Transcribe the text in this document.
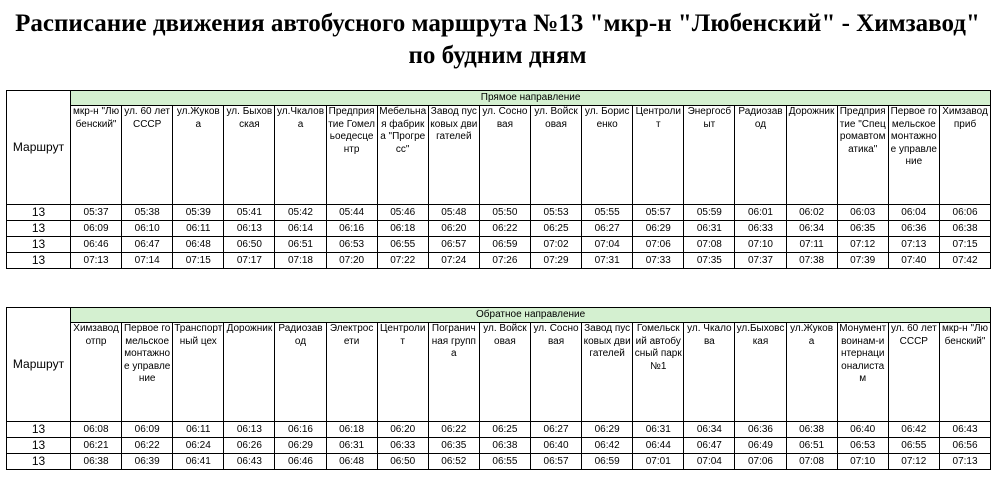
Расписание движения автобусного маршрута №13 "мкр-н "Любенский" - Химзавод" по будним дням
Маршрут	Прямое направление																	
	мкр-н "Любенский"	ул. 60 лет СССР	ул.Жукова	ул. Быховская	ул.Чкалова	Предприятие Гомельоедесцентр	Мебельная фабрика "Прогресс"	Завод пусковых двигателей	ул. Сосновая	ул. Войсковая	ул. Борисенко	Центролит	Энергосбыт	Радиозавод	Дорожник	Предприятие "Спецромавтоматика"	Первое гомельское монтажное управление	Химзавод приб
13	05:37	05:38	05:39	05:41	05:42	05:44	05:46	05:48	05:50	05:53	05:55	05:57	05:59	06:01	06:02	06:03	06:04	06:06
13	06:09	06:10	06:11	06:13	06:14	06:16	06:18	06:20	06:22	06:25	06:27	06:29	06:31	06:33	06:34	06:35	06:36	06:38
13	06:46	06:47	06:48	06:50	06:51	06:53	06:55	06:57	06:59	07:02	07:04	07:06	07:08	07:10	07:11	07:12	07:13	07:15
13	07:13	07:14	07:15	07:17	07:18	07:20	07:22	07:24	07:26	07:29	07:31	07:33	07:35	07:37	07:38	07:39	07:40	07:42
Маршрут	Обратное направление																	
	Химзавод отпр	Первое гомельское монтажное управление	Транспортный цех	Дорожник	Радиозавод	Электросети	Центролит	Пограничная группа	ул. Войсковая	ул. Сосновая	Завод пусковых двигателей	Гомельский автобусный парк №1	ул. Чкалова	ул.Быховская	ул.Жукова	Монумент воинам-интернационалистам	ул. 60 лет СССР	мкр-н "Любенский"
13	06:08	06:09	06:11	06:13	06:16	06:18	06:20	06:22	06:25	06:27	06:29	06:31	06:34	06:36	06:38	06:40	06:42	06:43
13	06:21	06:22	06:24	06:26	06:29	06:31	06:33	06:35	06:38	06:40	06:42	06:44	06:47	06:49	06:51	06:53	06:55	06:56
13	06:38	06:39	06:41	06:43	06:46	06:48	06:50	06:52	06:55	06:57	06:59	07:01	07:04	07:06	07:08	07:10	07:12	07:13
